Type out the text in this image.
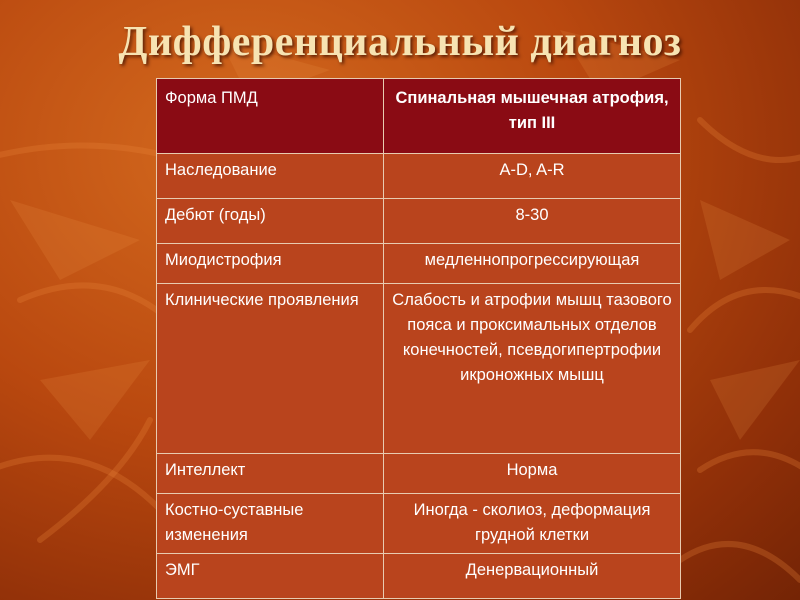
Дифференциальный диагноз
Форма ПМД	Спинальная мышечная атрофия, тип III
Наследование	A-D, A-R
Дебют (годы)	8-30
Миодистрофия	медленнопрогрессирующая
Клинические проявления	Слабость и атрофии мышц тазового пояса и проксимальных отделов конечностей, псевдогипертрофии икроножных мышц
Интеллект	Норма
Костно-суставные изменения	Иногда - сколиоз, деформация грудной клетки
ЭМГ	Денервационный
